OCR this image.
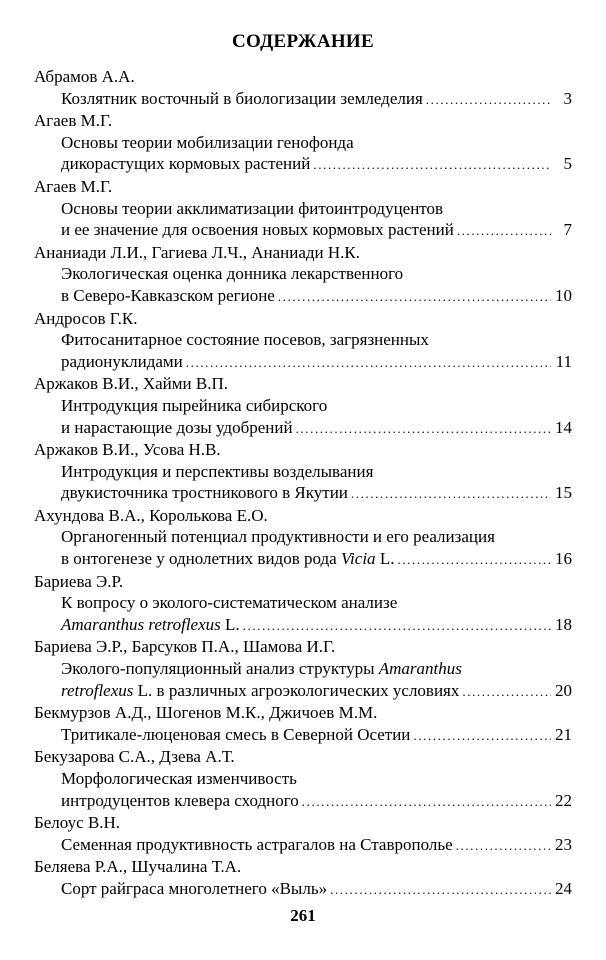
СОДЕРЖАНИЕ
Абрамов А.А.
Козлятник восточный в биологизации земледелия .....	3
Агаев М.Г.
Основы теории мобилизации генофонда
дикорастущих кормовых растений .....	5
Агаев М.Г.
Основы теории акклиматизации фитоинтродуцентов
и ее значение для освоения новых кормовых растений .....	7
Ананиади Л.И., Гагиева Л.Ч., Ананиади Н.К.
Экологическая оценка донника лекарственного
в Северо-Кавказском регионе .....	10
Андросов Г.К.
Фитосанитарное состояние посевов, загрязненных
радионуклидами .....	11
Аржаков В.И., Хайми В.П.
Интродукция пырейника сибирского
и нарастающие дозы удобрений .....	14
Аржаков В.И., Усова Н.В.
Интродукция и перспективы возделывания
двукисточника тростникового в Якутии .....	15
Ахундова В.А., Королькова Е.О.
Органогенный потенциал продуктивности и его реализация
в онтогенезе у однолетних видов рода Vicia L. .....	16
Бариева Э.Р.
К вопросу о эколого-систематическом анализе
Amaranthus retroflexus L. .....	18
Бариева Э.Р., Барсуков П.А., Шамова И.Г.
Эколого-популяционный анализ структуры Amaranthus
retroflexus L. в различных агроэкологических условиях .....	20
Бекмурзов А.Д., Шогенов М.К., Джичоев М.М.
Тритикале-люценовая смесь в Северной Осетии .....	21
Бекузарова С.А., Дзева А.Т.
Морфологическая изменчивость
интродуцентов клевера сходного .....	22
Белоус В.Н.
Семенная продуктивность астрагалов на Ставрополье .....	23
Беляева Р.А., Шучалина Т.А.
Сорт райграса многолетнего «Выль» .....	24
261
